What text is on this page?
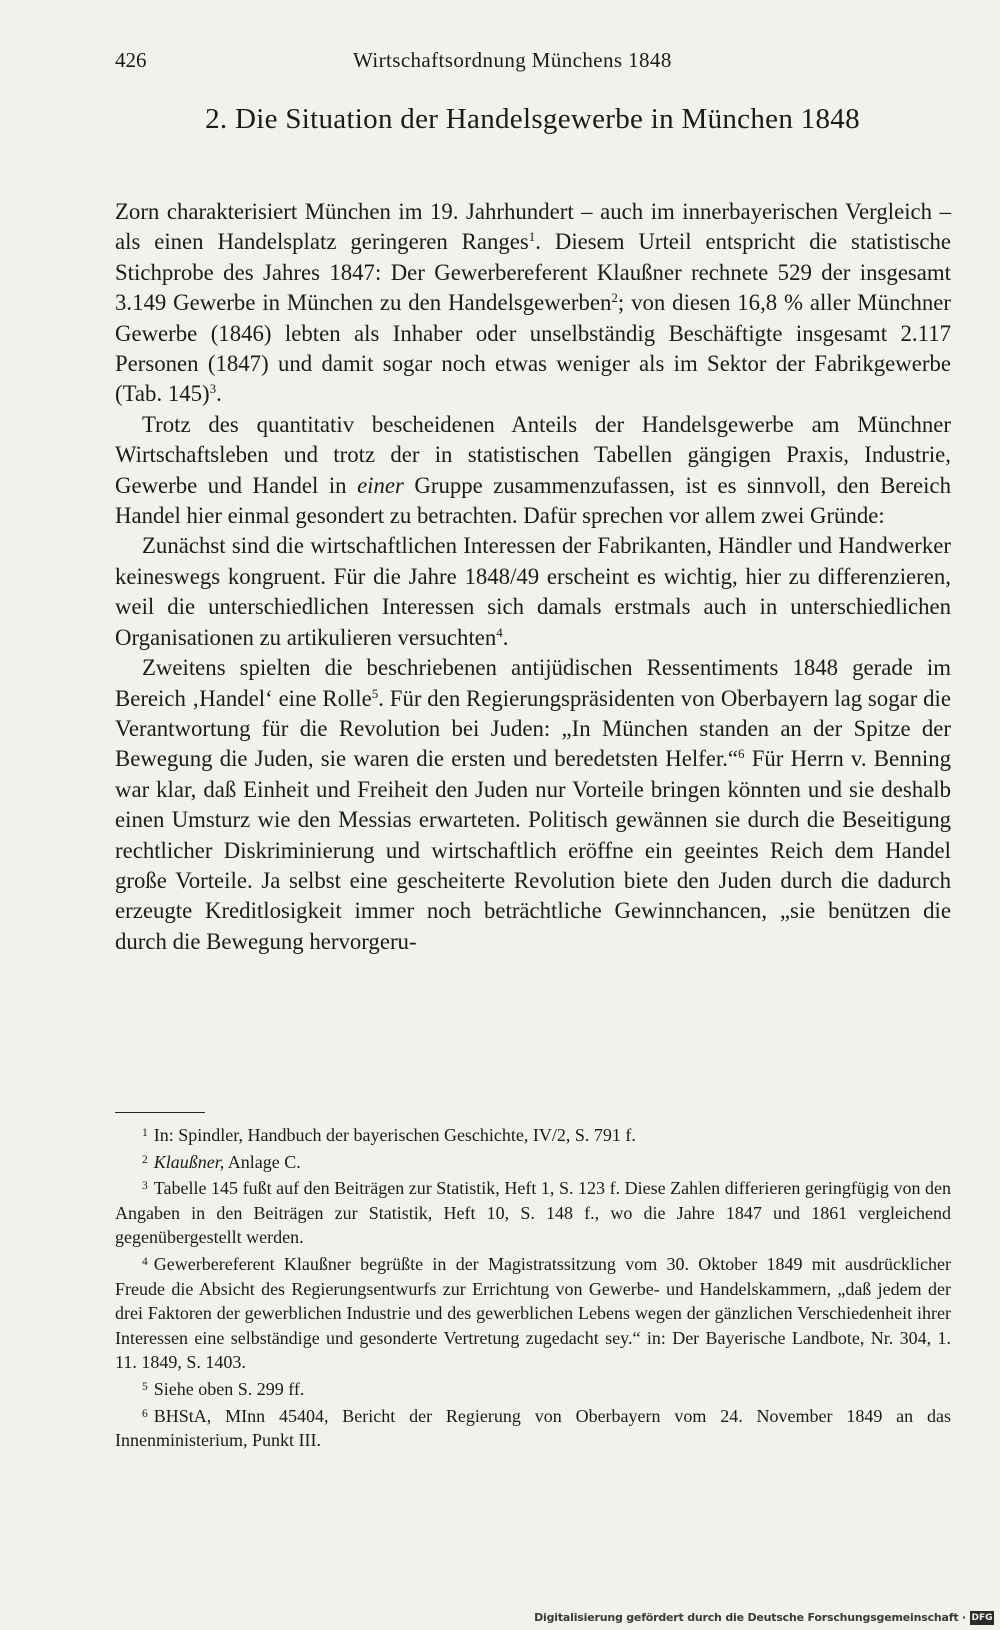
426	Wirtschaftsordnung Münchens 1848
2. Die Situation der Handelsgewerbe in München 1848

Zorn charakterisiert München im 19. Jahrhundert – auch im innerbayerischen Vergleich – als einen Handelsplatz geringeren Ranges$^1$. Diesem Urteil entspricht die statistische Stichprobe des Jahres 1847: Der Gewerbereferent Klaußner rechnete 529 der insgesamt 3.149 Gewerbe in München zu den Handelsgewerben$^2$; von diesen 16,8 % aller Münchner Gewerbe (1846) lebten als Inhaber oder unselbständig Beschäftigte insgesamt 2.117 Personen (1847) und damit sogar noch etwas weniger als im Sektor der Fabrikgewerbe (Tab. 145)$^3$.

Trotz des quantitativ bescheidenen Anteils der Handelsgewerbe am Münchner Wirtschaftsleben und trotz der in statistischen Tabellen gängigen Praxis, Industrie, Gewerbe und Handel in einer Gruppe zusammenzufassen, ist es sinnvoll, den Bereich Handel hier einmal gesondert zu betrachten. Dafür sprechen vor allem zwei Gründe:

Zunächst sind die wirtschaftlichen Interessen der Fabrikanten, Händler und Handwerker keineswegs kongruent. Für die Jahre 1848/49 erscheint es wichtig, hier zu differenzieren, weil die unterschiedlichen Interessen sich damals erstmals auch in unterschiedlichen Organisationen zu artikulieren versuchten$^4$.

Zweitens spielten die beschriebenen antijüdischen Ressentiments 1848 gerade im Bereich ‚Handel‘ eine Rolle$^5$. Für den Regierungspräsidenten von Oberbayern lag sogar die Verantwortung für die Revolution bei Juden: „In München standen an der Spitze der Bewegung die Juden, sie waren die ersten und beredetsten Helfer.“$^6$ Für Herrn v. Benning war klar, daß Einheit und Freiheit den Juden nur Vorteile bringen könnten und sie deshalb einen Umsturz wie den Messias erwarteten. Politisch gewännen sie durch die Beseitigung rechtlicher Diskriminierung und wirtschaftlich eröffne ein geeintes Reich dem Handel große Vorteile. Ja selbst eine gescheiterte Revolution biete den Juden durch die dadurch erzeugte Kreditlosigkeit immer noch beträchtliche Gewinnchancen, „sie benützen die durch die Bewegung hervorgeru-

$^1$ In: Spindler, Handbuch der bayerischen Geschichte, IV/2, S. 791 f.

$^2$ Klaußner, Anlage C.

$^3$ Tabelle 145 fußt auf den Beiträgen zur Statistik, Heft 1, S. 123 f. Diese Zahlen differieren geringfügig von den Angaben in den Beiträgen zur Statistik, Heft 10, S. 148 f., wo die Jahre 1847 und 1861 vergleichend gegenübergestellt werden.

$^4$ Gewerbereferent Klaußner begrüßte in der Magistratssitzung vom 30. Oktober 1849 mit ausdrücklicher Freude die Absicht des Regierungsentwurfs zur Errichtung von Gewerbe- und Handelskammern, „daß jedem der drei Faktoren der gewerblichen Industrie und des gewerblichen Lebens wegen der gänzlichen Verschiedenheit ihrer Interessen eine selbständige und gesonderte Vertretung zugedacht sey.“ in: Der Bayerische Landbote, Nr. 304, 1. 11. 1849, S. 1403.

$^5$ Siehe oben S. 299 ff.

$^6$ BHStA, MInn 45404, Bericht der Regierung von Oberbayern vom 24. November 1849 an das Innenministerium, Punkt III.

Digitalisierung gefördert durch die Deutsche Forschungsgemeinschaft · DFG
